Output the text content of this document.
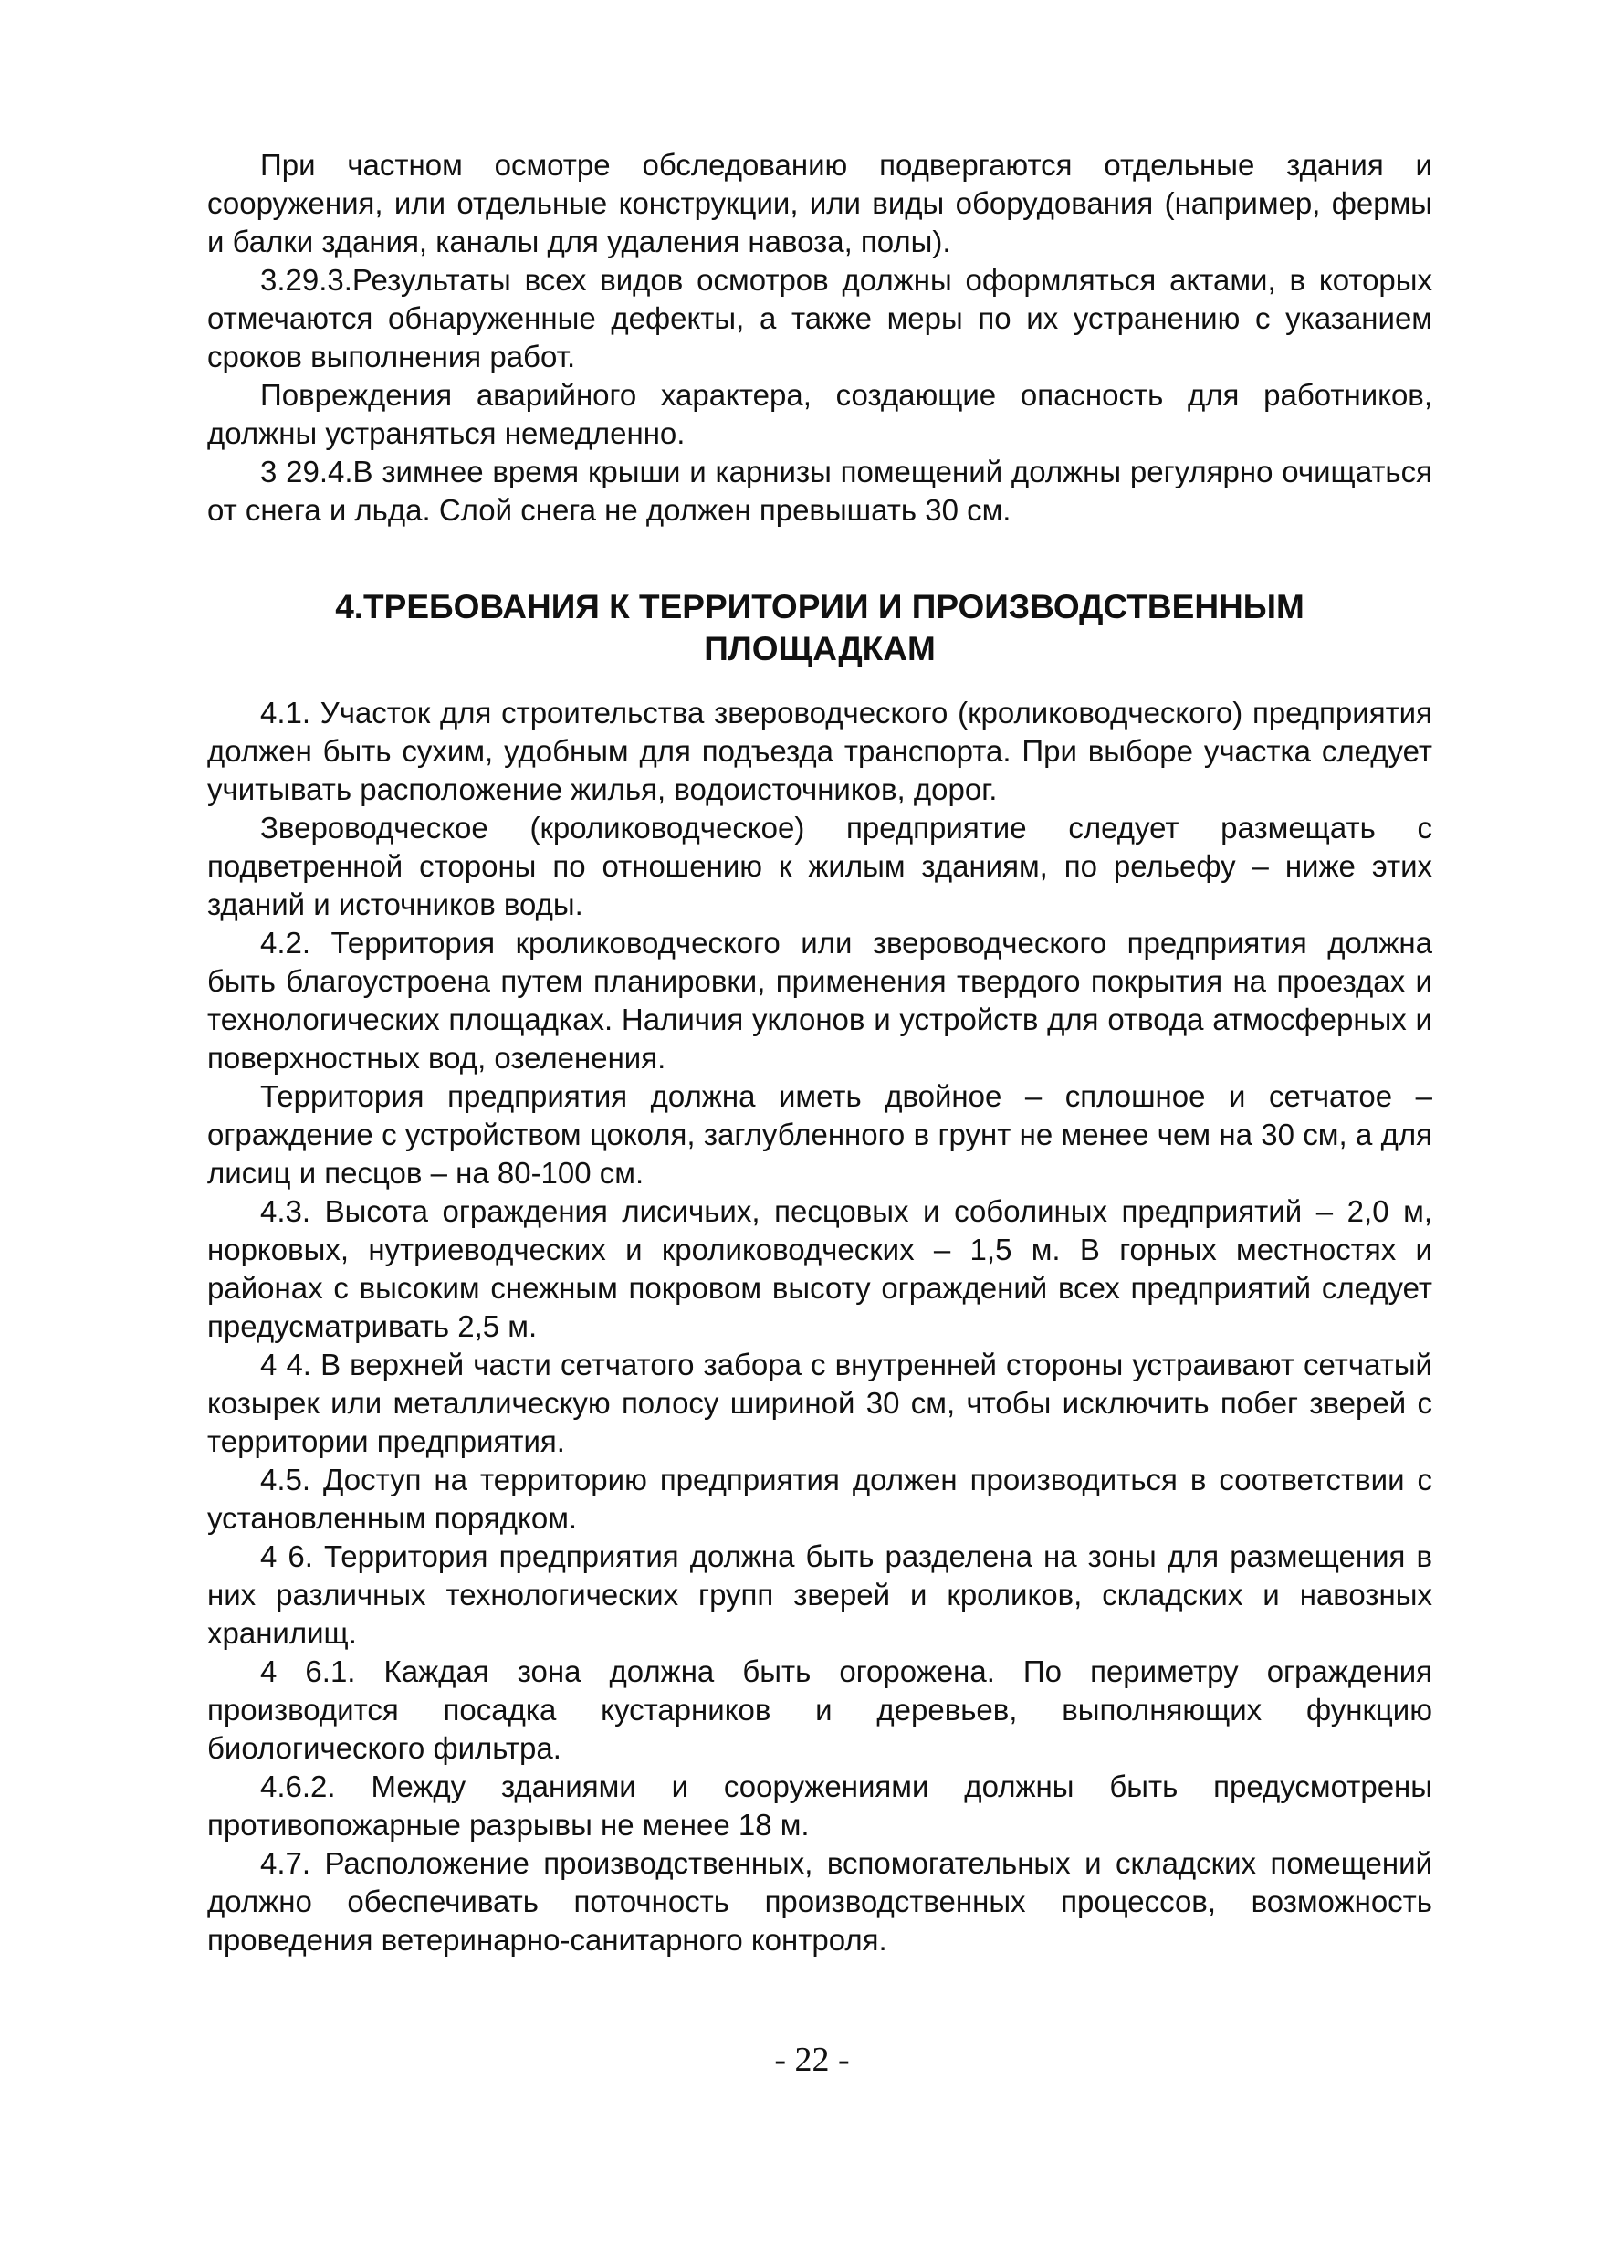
При частном осмотре обследованию подвергаются отдельные здания и сооружения, или отдельные конструкции, или виды оборудования (например, фермы и балки здания, каналы для удаления навоза, полы).

3.29.3.Результаты всех видов осмотров должны оформляться актами, в которых отмечаются обнаруженные дефекты, а также меры по их устранению с указанием сроков выполнения работ.

Повреждения аварийного характера, создающие опасность для работников, должны устраняться немедленно.

3 29.4.В зимнее время крыши и карнизы помещений должны регулярно очищаться от снега и льда. Слой снега не должен превышать 30 см.

4.ТРЕБОВАНИЯ К ТЕРРИТОРИИ И ПРОИЗВОДСТВЕННЫМ
ПЛОЩАДКАМ

4.1. Участок для строительства звероводческого (кролиководческого) предприятия должен быть сухим, удобным для подъезда транспорта. При выборе участка следует учитывать расположение жилья, водоисточников, дорог.

Звероводческое (кролиководческое) предприятие следует размещать с подветренной стороны по отношению к жилым зданиям, по рельефу – ниже этих зданий и источников воды.

4.2. Территория кролиководческого или звероводческого предприятия должна быть благоустроена путем планировки, применения твердого покрытия на проездах и технологических площадках. Наличия уклонов и устройств для отвода атмосферных и поверхностных вод, озеленения.

Территория предприятия должна иметь двойное – сплошное и сетчатое – ограждение с устройством цоколя, заглубленного в грунт не менее чем на 30 см, а для лисиц и песцов – на 80-100 см.

4.3. Высота ограждения лисичьих, песцовых и соболиных предприятий – 2,0 м, норковых, нутриеводческих и кролиководческих – 1,5 м. В горных местностях и районах с высоким снежным покровом высоту ограждений всех предприятий следует предусматривать 2,5 м.

4 4. В верхней части сетчатого забора с внутренней стороны устраивают сетчатый козырек или металлическую полосу шириной 30 см, чтобы исключить побег зверей с территории предприятия.

4.5. Доступ на территорию предприятия должен производиться в соответствии с установленным порядком.

4 6. Территория предприятия должна быть разделена на зоны для размещения в них различных технологических групп зверей и кроликов, складских и навозных хранилищ.

4 6.1. Каждая зона должна быть огорожена. По периметру ограждения производится посадка кустарников и деревьев, выполняющих функцию биологического фильтра.

4.6.2. Между зданиями и сооружениями должны быть предусмотрены противопожарные разрывы не менее 18 м.

4.7. Расположение производственных, вспомогательных и складских помещений должно обеспечивать поточность производственных процессов, возможность проведения ветеринарно-санитарного контроля.

- 22 -
